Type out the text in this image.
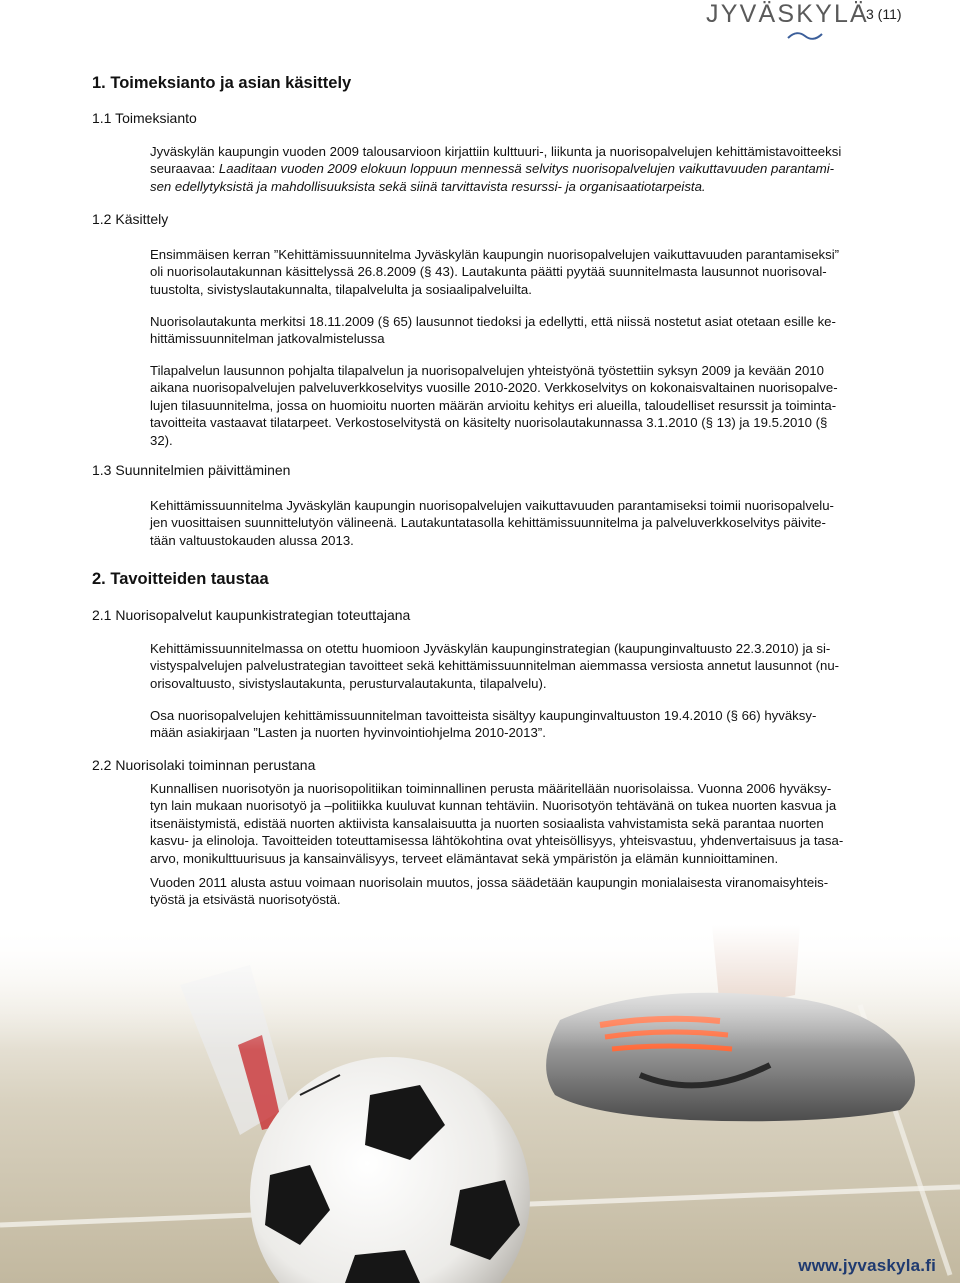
JYVÄSKYLÄ
3 (11)
1. Toimeksianto ja asian käsittely
1.1 Toimeksianto
Jyväskylän kaupungin vuoden 2009 talousarvioon kirjattiin kulttuuri-, liikunta ja nuorisopalvelujen kehittämistavoitteeksi
seuraavaa: Laaditaan vuoden 2009 elokuun loppuun mennessä selvitys nuorisopalvelujen vaikuttavuuden parantami-
sen edellytyksistä ja mahdollisuuksista sekä siinä tarvittavista resurssi- ja organisaatiotarpeista.
1.2 Käsittely
Ensimmäisen kerran ”Kehittämissuunnitelma Jyväskylän kaupungin nuorisopalvelujen vaikuttavuuden parantamiseksi”
oli nuorisolautakunnan käsittelyssä 26.8.2009 (§ 43). Lautakunta päätti pyytää suunnitelmasta lausunnot nuorisoval-
tuustolta, sivistyslautakunnalta, tilapalvelulta ja sosiaalipalveluilta.
Nuorisolautakunta merkitsi 18.11.2009 (§ 65) lausunnot tiedoksi ja edellytti, että niissä nostetut asiat otetaan esille ke-
hittämissuunnitelman jatkovalmistelussa
Tilapalvelun lausunnon pohjalta tilapalvelun ja nuorisopalvelujen yhteistyönä työstettiin syksyn 2009 ja kevään 2010
aikana nuorisopalvelujen palveluverkkoselvitys vuosille 2010-2020. Verkkoselvitys on kokonaisvaltainen nuorisopalve-
lujen tilasuunnitelma, jossa on huomioitu nuorten määrän arvioitu kehitys eri alueilla, taloudelliset resurssit ja toiminta-
tavoitteita vastaavat tilatarpeet. Verkostoselvitystä on käsitelty nuorisolautakunnassa 3.1.2010 (§ 13) ja 19.5.2010 (§
32).
1.3 Suunnitelmien päivittäminen
Kehittämissuunnitelma Jyväskylän kaupungin nuorisopalvelujen vaikuttavuuden parantamiseksi toimii nuorisopalvelu-
jen vuosittaisen suunnittelutyön välineenä. Lautakuntatasolla kehittämissuunnitelma ja palveluverkkoselvitys päivite-
tään valtuustokauden alussa 2013.
2. Tavoitteiden taustaa
2.1 Nuorisopalvelut kaupunkistrategian toteuttajana
Kehittämissuunnitelmassa on otettu huomioon Jyväskylän kaupunginstrategian (kaupunginvaltuusto 22.3.2010) ja si-
vistyspalvelujen palvelustrategian tavoitteet sekä kehittämissuunnitelman aiemmassa versiosta annetut lausunnot (nu-
orisovaltuusto, sivistyslautakunta, perusturvalautakunta, tilapalvelu).
Osa nuorisopalvelujen kehittämissuunnitelman tavoitteista sisältyy kaupunginvaltuuston 19.4.2010 (§ 66) hyväksy-
mään asiakirjaan ”Lasten ja nuorten hyvinvointiohjelma 2010-2013”.
2.2 Nuorisolaki toiminnan perustana
Kunnallisen nuorisotyön ja nuorisopolitiikan toiminnallinen perusta määritellään nuorisolaissa. Vuonna 2006 hyväksy-
tyn lain mukaan nuorisotyö ja –politiikka kuuluvat kunnan tehtäviin. Nuorisotyön tehtävänä on tukea nuorten kasvua ja
itsenäistymistä, edistää nuorten aktiivista kansalaisuutta ja nuorten sosiaalista vahvistamista sekä parantaa nuorten
kasvu- ja elinoloja. Tavoitteiden toteuttamisessa lähtökohtina ovat yhteisöllisyys, yhteisvastuu, yhdenvertaisuus ja tasa-
arvo, monikulttuurisuus ja kansainvälisyys, terveet elämäntavat sekä ympäristön ja elämän kunnioittaminen.
Vuoden 2011 alusta astuu voimaan nuorisolain muutos, jossa säädetään kaupungin monialaisesta viranomaisyhteis-
työstä ja etsivästä nuorisotyöstä.
www.jyvaskyla.fi
